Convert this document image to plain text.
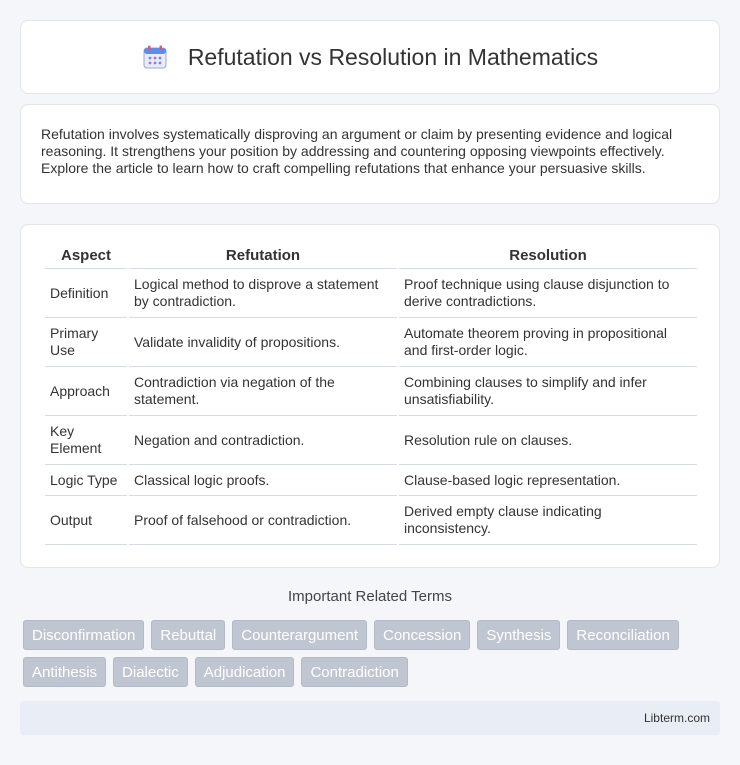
Refutation vs Resolution in Mathematics

Refutation involves systematically disproving an argument or claim by presenting evidence and logical reasoning. It strengthens your position by addressing and countering opposing viewpoints effectively. Explore the article to learn how to craft compelling refutations that enhance your persuasive skills.

Aspect	Refutation	Resolution
Definition	Logical method to disprove a statement by contradiction.	Proof technique using clause disjunction to derive contradictions.
Primary Use	Validate invalidity of propositions.	Automate theorem proving in propositional and first-order logic.
Approach	Contradiction via negation of the statement.	Combining clauses to simplify and infer unsatisfiability.
Key Element	Negation and contradiction.	Resolution rule on clauses.
Logic Type	Classical logic proofs.	Clause-based logic representation.
Output	Proof of falsehood or contradiction.	Derived empty clause indicating inconsistency.
Important Related Terms
Disconfirmation	Rebuttal	Counterargument	Concession	Synthesis	Reconciliation
Antithesis	Dialectic	Adjudication	Contradiction
Libterm.com
